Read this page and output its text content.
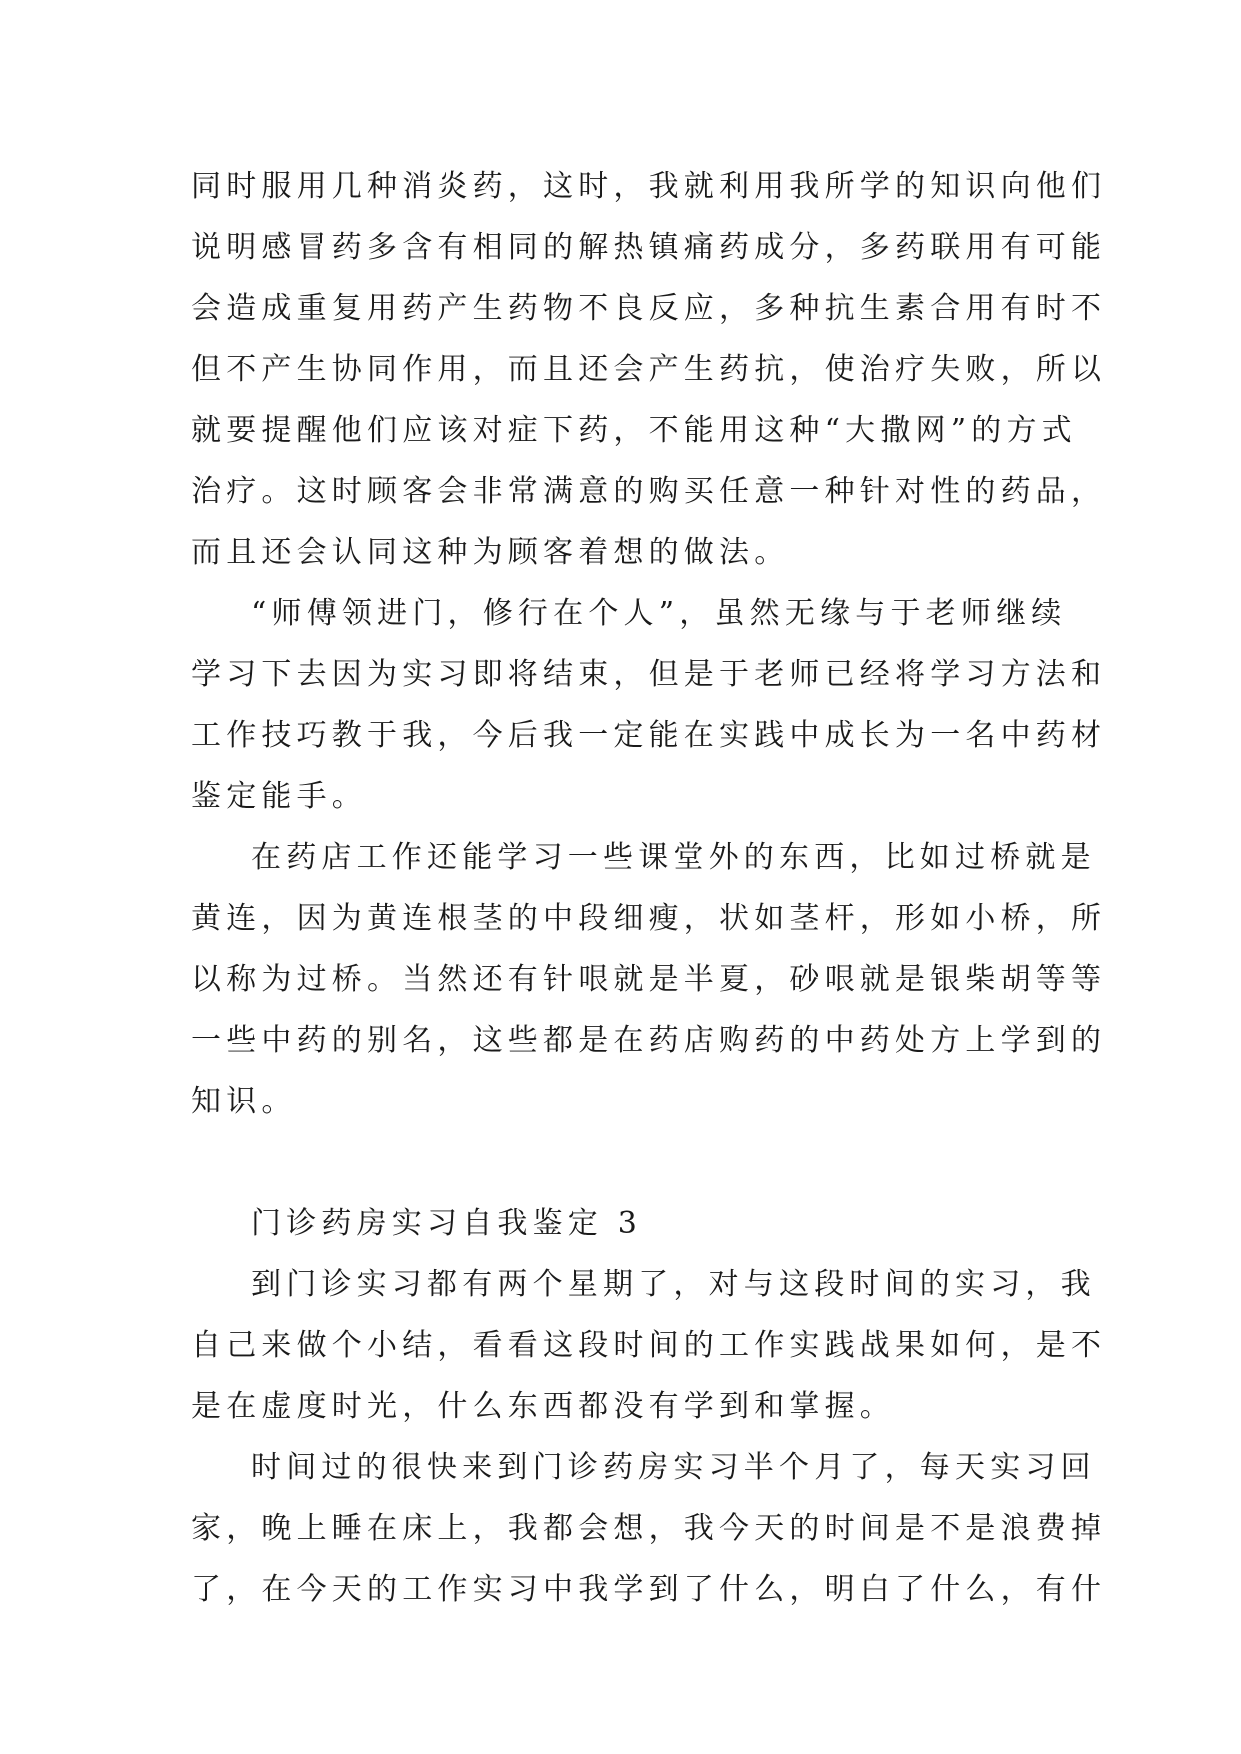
同时服用几种消炎药，这时，我就利用我所学的知识向他们
说明感冒药多含有相同的解热镇痛药成分，多药联用有可能
会造成重复用药产生药物不良反应，多种抗生素合用有时不
但不产生协同作用，而且还会产生药抗，使治疗失败，所以
就要提醒他们应该对症下药，不能用这种“大撒网”的方式
治疗。这时顾客会非常满意的购买任意一种针对性的药品，
而且还会认同这种为顾客着想的做法。
“师傅领进门，修行在个人”，虽然无缘与于老师继续
学习下去因为实习即将结束，但是于老师已经将学习方法和
工作技巧教于我，今后我一定能在实践中成长为一名中药材
鉴定能手。
在药店工作还能学习一些课堂外的东西，比如过桥就是
黄连，因为黄连根茎的中段细瘦，状如茎杆，形如小桥，所
以称为过桥。当然还有针哏就是半夏，砂哏就是银柴胡等等
一些中药的别名，这些都是在药店购药的中药处方上学到的
知识。
门诊药房实习自我鉴定 3
到门诊实习都有两个星期了，对与这段时间的实习，我
自己来做个小结，看看这段时间的工作实践战果如何，是不
是在虚度时光，什么东西都没有学到和掌握。
时间过的很快来到门诊药房实习半个月了，每天实习回
家，晚上睡在床上，我都会想，我今天的时间是不是浪费掉
了，在今天的工作实习中我学到了什么，明白了什么，有什
